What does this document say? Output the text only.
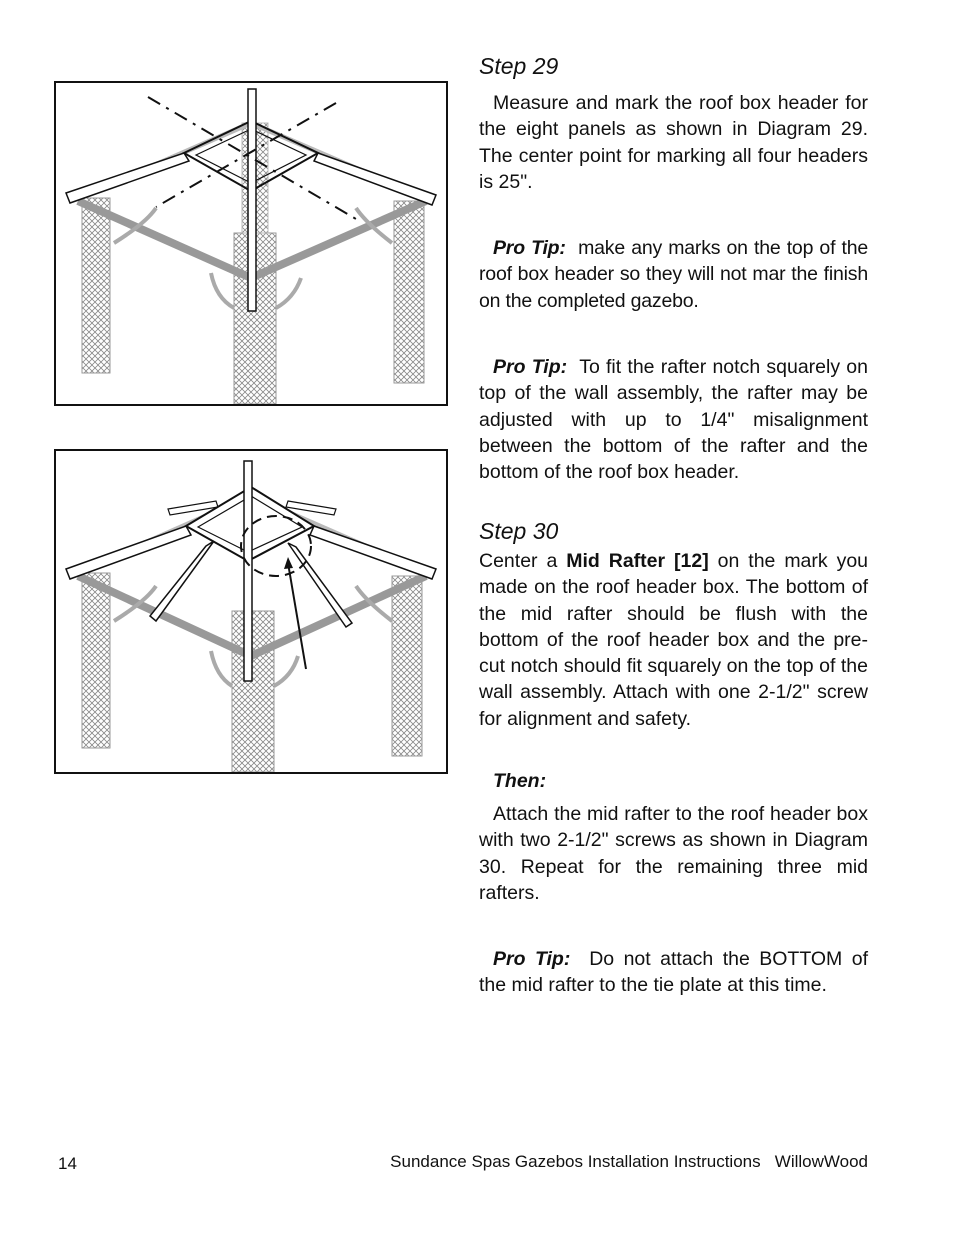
Step 29

Measure and mark the roof box header for the eight panels as shown in Diagram 29. The center point for marking all four headers is 25".

Pro Tip: make any marks on the top of the roof box header so they will not mar the finish on the completed gazebo.

Pro Tip: To fit the rafter notch squarely on top of the wall assembly, the rafter may be adjusted with up to 1/4" misalignment between the bottom of the rafter and the bottom of the roof box header.

Step 30

Center a Mid Rafter [12] on the mark you made on the roof header box. The bottom of the mid rafter should be flush with the bottom of the roof header box and the pre-cut notch should fit squarely on the top of the wall assembly. Attach with one 2-1/2" screw for alignment and safety.

Then:

Attach the mid rafter to the roof header box with two 2-1/2" screws as shown in Diagram 30. Repeat for the remaining three mid rafters.

Pro Tip: Do not attach the BOTTOM of the mid rafter to the tie plate at this time.

14	Sundance Spas Gazebos Installation Instructions   WillowWood
